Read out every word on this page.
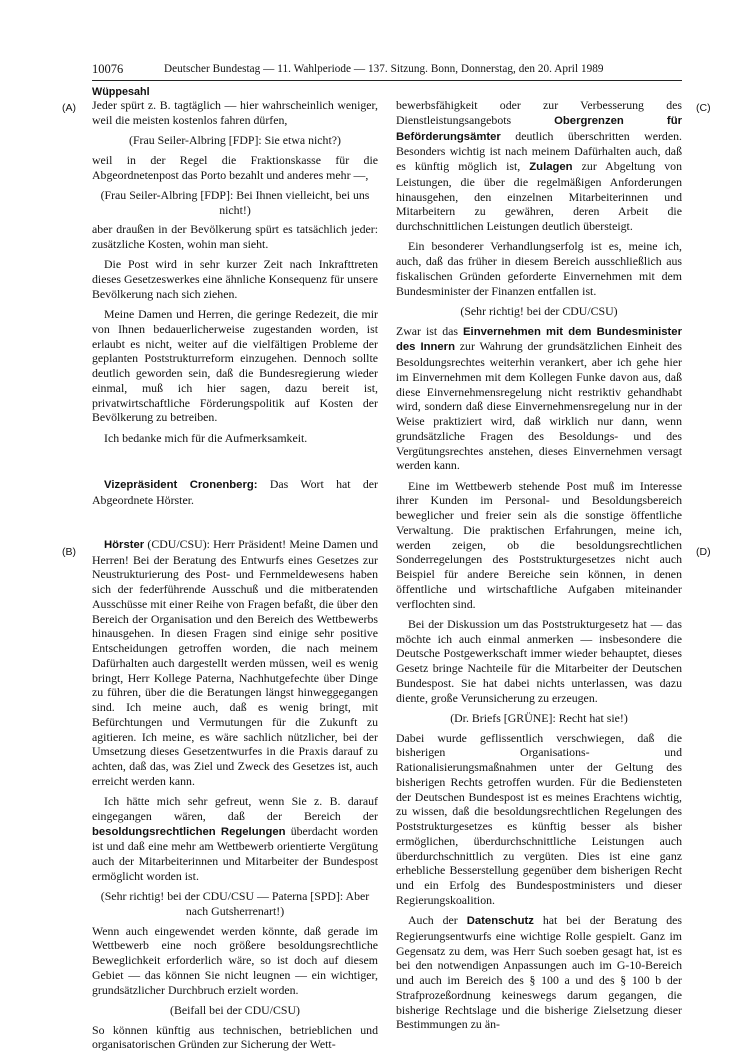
10076	Deutscher Bundestag — 11. Wahlperiode — 137. Sitzung. Bonn, Donnerstag, den 20. April 1989
Wüppesahl
(A)
(B)
(C)
(D)

Jeder spürt z. B. tagtäglich — hier wahrscheinlich weniger, weil die meisten kostenlos fahren dürfen,

(Frau Seiler-Albring [FDP]: Sie etwa nicht?)

weil in der Regel die Fraktionskasse für die Abgeordnetenpost das Porto bezahlt und anderes mehr —,

(Frau Seiler-Albring [FDP]: Bei Ihnen vielleicht, bei uns nicht!)

aber draußen in der Bevölkerung spürt es tatsächlich jeder: zusätzliche Kosten, wohin man sieht.

Die Post wird in sehr kurzer Zeit nach Inkrafttreten dieses Gesetzeswerkes eine ähnliche Konsequenz für unsere Bevölkerung nach sich ziehen.

Meine Damen und Herren, die geringe Redezeit, die mir von Ihnen bedauerlicherweise zugestanden worden, ist erlaubt es nicht, weiter auf die vielfältigen Probleme der geplanten Poststrukturreform einzugehen. Dennoch sollte deutlich geworden sein, daß die Bundesregierung wieder einmal, muß ich hier sagen, dazu bereit ist, privatwirtschaftliche Förderungspolitik auf Kosten der Bevölkerung zu betreiben.

Ich bedanke mich für die Aufmerksamkeit.

Vizepräsident Cronenberg: Das Wort hat der Abgeordnete Hörster.

Hörster (CDU/CSU): Herr Präsident! Meine Damen und Herren! Bei der Beratung des Entwurfs eines Gesetzes zur Neustrukturierung des Post- und Fernmeldewesens haben sich der federführende Ausschuß und die mitberatenden Ausschüsse mit einer Reihe von Fragen befaßt, die über den Bereich der Organisation und den Bereich des Wettbewerbs hinausgehen. In diesen Fragen sind einige sehr positive Entscheidungen getroffen worden, die nach meinem Dafürhalten auch dargestellt werden müssen, weil es wenig bringt, Herr Kollege Paterna, Nachhutgefechte über Dinge zu führen, über die die Beratungen längst hinweggegangen sind. Ich meine auch, daß es wenig bringt, mit Befürchtungen und Vermutungen für die Zukunft zu agitieren. Ich meine, es wäre sachlich nützlicher, bei der Umsetzung dieses Gesetzentwurfes in die Praxis darauf zu achten, daß das, was Ziel und Zweck des Gesetzes ist, auch erreicht werden kann.

Ich hätte mich sehr gefreut, wenn Sie z. B. darauf eingegangen wären, daß der Bereich der besoldungsrechtlichen Regelungen überdacht worden ist und daß eine mehr am Wettbewerb orientierte Vergütung auch der Mitarbeiterinnen und Mitarbeiter der Bundespost ermöglicht worden ist.

(Sehr richtig! bei der CDU/CSU — Paterna [SPD]: Aber nach Gutsherrenart!)

Wenn auch eingewendet werden könnte, daß gerade im Wettbewerb eine noch größere besoldungsrechtliche Beweglichkeit erforderlich wäre, so ist doch auf diesem Gebiet — das können Sie nicht leugnen — ein wichtiger, grundsätzlicher Durchbruch erzielt worden.

(Beifall bei der CDU/CSU)

So können künftig aus technischen, betrieblichen und organisatorischen Gründen zur Sicherung der Wett-

bewerbsfähigkeit oder zur Verbesserung des Dienstleistungsangebots Obergrenzen für Beförderungsämter deutlich überschritten werden. Besonders wichtig ist nach meinem Dafürhalten auch, daß es künftig möglich ist, Zulagen zur Abgeltung von Leistungen, die über die regelmäßigen Anforderungen hinausgehen, den einzelnen Mitarbeiterinnen und Mitarbeitern zu gewähren, deren Arbeit die durchschnittlichen Leistungen deutlich übersteigt.

Ein besonderer Verhandlungserfolg ist es, meine ich, auch, daß das früher in diesem Bereich ausschließlich aus fiskalischen Gründen geforderte Einvernehmen mit dem Bundesminister der Finanzen entfallen ist.

(Sehr richtig! bei der CDU/CSU)

Zwar ist das Einvernehmen mit dem Bundesminister des Innern zur Wahrung der grundsätzlichen Einheit des Besoldungsrechtes weiterhin verankert, aber ich gehe hier im Einvernehmen mit dem Kollegen Funke davon aus, daß diese Einvernehmensregelung nicht restriktiv gehandhabt wird, sondern daß diese Einvernehmensregelung nur in der Weise praktiziert wird, daß wirklich nur dann, wenn grundsätzliche Fragen des Besoldungs- und des Vergütungsrechtes anstehen, dieses Einvernehmen versagt werden kann.

Eine im Wettbewerb stehende Post muß im Interesse ihrer Kunden im Personal- und Besoldungsbereich beweglicher und freier sein als die sonstige öffentliche Verwaltung. Die praktischen Erfahrungen, meine ich, werden zeigen, ob die besoldungsrechtlichen Sonderregelungen des Poststrukturgesetzes nicht auch Beispiel für andere Bereiche sein können, in denen öffentliche und wirtschaftliche Aufgaben miteinander verflochten sind.

Bei der Diskussion um das Poststrukturgesetz hat — das möchte ich auch einmal anmerken — insbesondere die Deutsche Postgewerkschaft immer wieder behauptet, dieses Gesetz bringe Nachteile für die Mitarbeiter der Deutschen Bundespost. Sie hat dabei nichts unterlassen, was dazu diente, große Verunsicherung zu erzeugen.

(Dr. Briefs [GRÜNE]: Recht hat sie!)

Dabei wurde geflissentlich verschwiegen, daß die bisherigen Organisations- und Rationalisierungsmaßnahmen unter der Geltung des bisherigen Rechts getroffen wurden. Für die Bediensteten der Deutschen Bundespost ist es meines Erachtens wichtig, zu wissen, daß die besoldungsrechtlichen Regelungen des Poststrukturgesetzes es künftig besser als bisher ermöglichen, überdurchschnittliche Leistungen auch überdurchschnittlich zu vergüten. Dies ist eine ganz erhebliche Besserstellung gegenüber dem bisherigen Recht und ein Erfolg des Bundespostministers und dieser Regierungskoalition.

Auch der Datenschutz hat bei der Beratung des Regierungsentwurfs eine wichtige Rolle gespielt. Ganz im Gegensatz zu dem, was Herr Such soeben gesagt hat, ist es bei den notwendigen Anpassungen auch im G-10-Bereich und auch im Bereich des § 100 a und des § 100 b der Strafprozeßordnung keineswegs darum gegangen, die bisherige Rechtslage und die bisherige Zielsetzung dieser Bestimmungen zu än-
